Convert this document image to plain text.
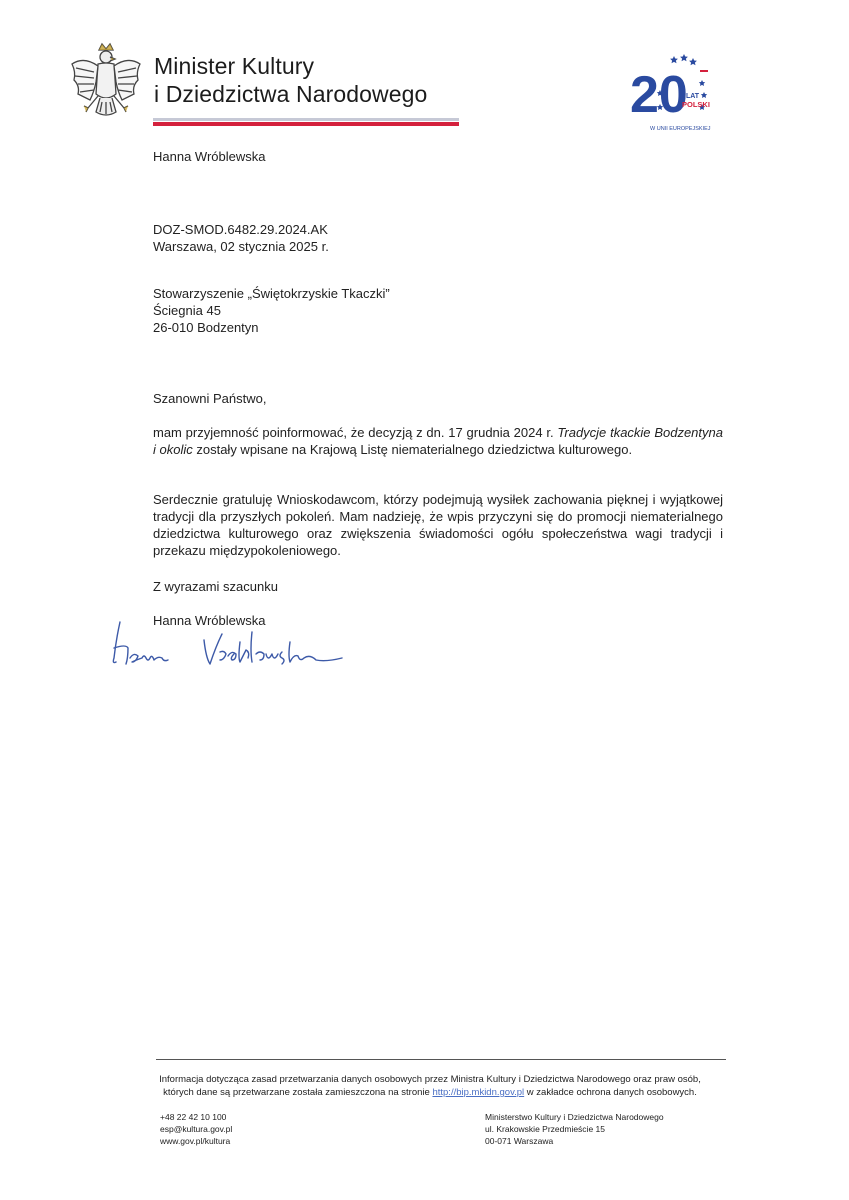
Minister Kultury
i Dziedzictwa Narodowego	20
LAT
POLSKI
W UNII EUROPEJSKIEJ
Hanna Wróblewska
DOZ-SMOD.6482.29.2024.AK
Warszawa, 02 stycznia 2025 r.
Stowarzyszenie „Świętokrzyskie Tkaczki”
Ściegnia 45
26-010 Bodzentyn
Szanowni Państwo,
mam przyjemność poinformować, że decyzją z dn. 17 grudnia 2024 r. Tradycje tkackie Bodzentyna i okolic zostały wpisane na Krajową Listę niematerialnego dziedzictwa kulturowego.
Serdecznie gratuluję Wnioskodawcom, którzy podejmują wysiłek zachowania pięknej i wyjątkowej tradycji dla przyszłych pokoleń. Mam nadzieję, że wpis przyczyni się do promocji niematerialnego dziedzictwa kulturowego oraz zwiększenia świadomości ogółu społeczeństwa wagi tradycji i przekazu międzypokoleniowego.
Z wyrazami szacunku
Hanna Wróblewska
Informacja dotycząca zasad przetwarzania danych osobowych przez Ministra Kultury i Dziedzictwa Narodowego oraz praw osób,
których dane są przetwarzane została zamieszczona na stronie http://bip.mkidn.gov.pl w zakładce ochrona danych osobowych.
+48 22 42 10 100
esp@kultura.gov.pl
www.gov.pl/kultura
Ministerstwo Kultury i Dziedzictwa Narodowego
ul. Krakowskie Przedmieście 15
00-071 Warszawa
